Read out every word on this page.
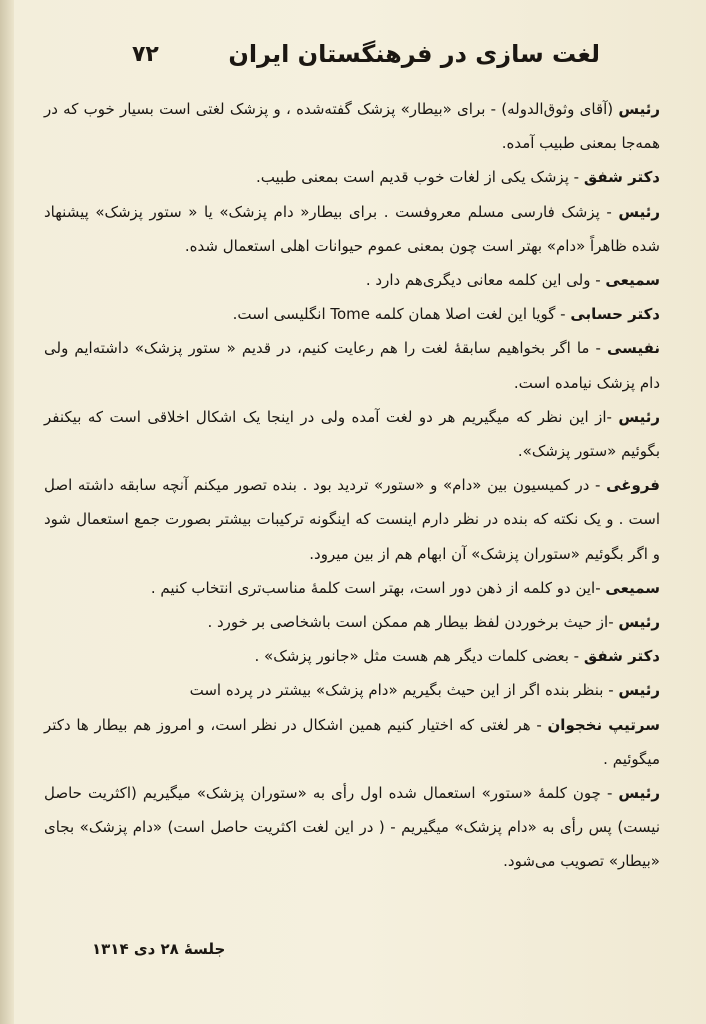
لغت سازی در فرهنگستان ایران
۷۲

رئیس (آقای وثوق‌الدوله) - برای «بیطار» پزشک گفته‌شده ، و پزشک لغتی است بسیار خوب که در همه‌جا بمعنی طبیب آمده.

دکتر شفق - پزشک یکی از لغات خوب قدیم است بمعنی طبیب.

رئیس - پزشک فارسی مسلم معروفست . برای بیطار« دام پزشک» یا « ستور پزشک» پیشنهاد شده ظاهراً «دام» بهتر است چون بمعنی عموم حیوانات اهلی استعمال شده.

سمیعی - ولی این کلمه معانی دیگری‌هم دارد .

دکتر حسابی - گویا این لغت اصلا همان کلمه Tome انگلیسی است.

نفیسی - ما اگر بخواهیم سابقهٔ لغت را هم رعایت کنیم، در قدیم « ستور پزشک» داشته‌ایم ولی دام پزشک نیامده است.

رئیس -از این نظر که میگیریم هر دو لغت آمده ولی در اینجا یک اشکال اخلاقی است که بیکنفر بگوئیم «ستور پزشک».

فروغی - در کمیسیون بین «دام» و «ستور» تردید بود . بنده تصور میکنم آنچه سابقه داشته اصل است . و یک نکته که بنده در نظر دارم اینست که اینگونه ترکیبات بیشتر بصورت جمع استعمال شود و اگر بگوئیم «ستوران پزشک» آن ابهام هم از بین میرود.

سمیعی -این دو کلمه از ذهن دور است، بهتر است کلمهٔ مناسب‌تری انتخاب کنیم .

رئیس -از حیث برخوردن لفظ بیطار هم ممکن است باشخاصی بر خورد .

دکتر شفق - بعضی کلمات دیگر هم هست مثل «جانور پزشک» .

رئیس - بنظر بنده اگر از این حیث بگیریم «دام پزشک» بیشتر در پرده است

سرتیپ نخجوان - هر لغتی که اختیار کنیم همین اشکال در نظر است، و امروز هم بیطار ها دکتر میگوئیم .

رئیس - چون کلمهٔ «ستور» استعمال شده اول رأی به «ستوران پزشک» میگیریم (اکثریت حاصل نیست) پس رأی به «دام پزشک» میگیریم - ( در این لغت اکثریت حاصل است) «دام پزشک» بجای «بیطار» تصویب می‌شود.

جلسهٔ ۲۸ دی ۱۳۱۴
